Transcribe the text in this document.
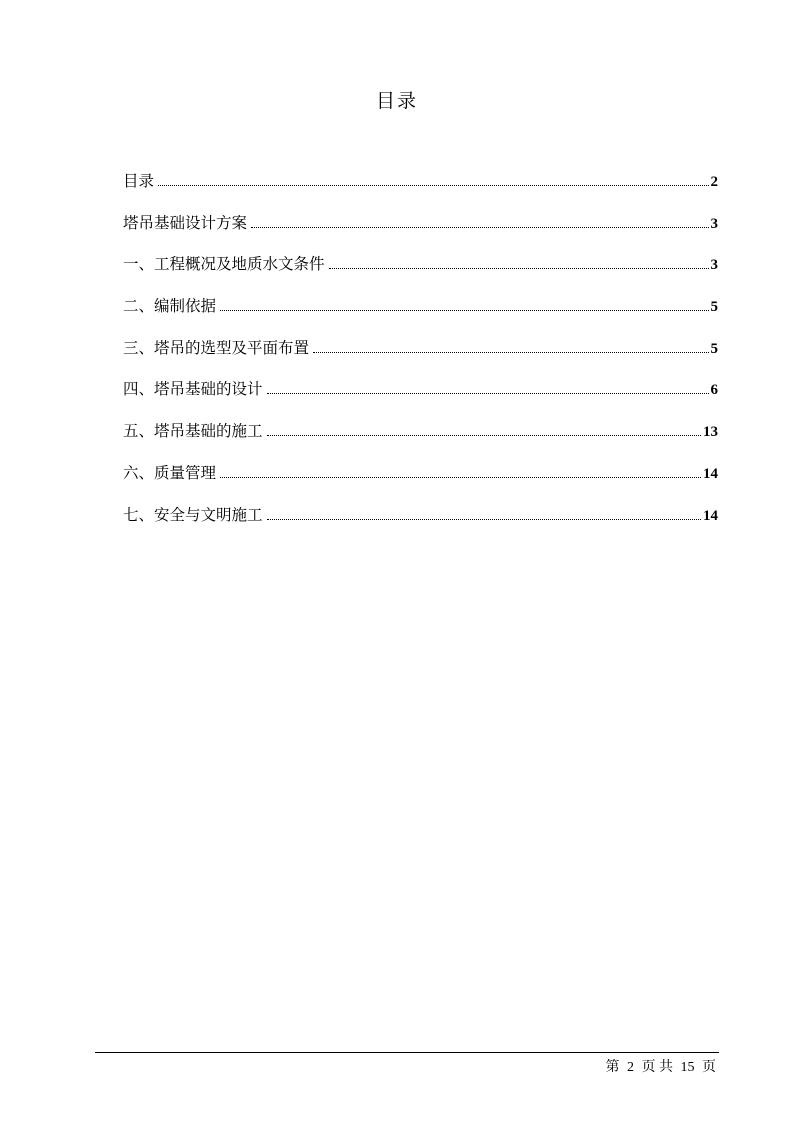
目录
目录	2
塔吊基础设计方案	3
一、工程概况及地质水文条件	3
二、编制依据	5
三、塔吊的选型及平面布置	5
四、塔吊基础的设计	6
五、塔吊基础的施工	13
六、质量管理	14
七、安全与文明施工	14
第 2 页 共 15 页
